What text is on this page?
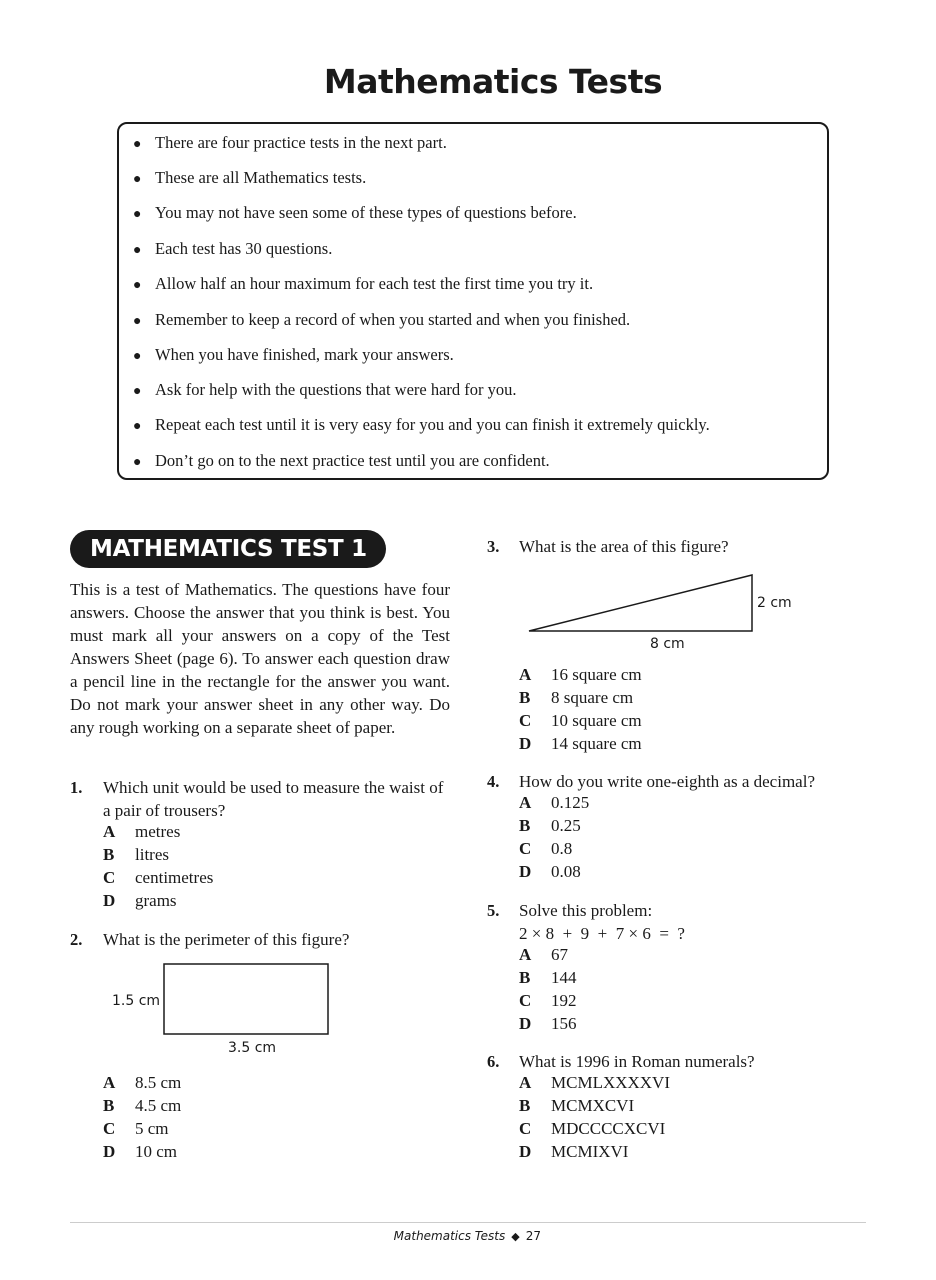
Mathematics Tests
● There are four practice tests in the next part.
● These are all Mathematics tests.
● You may not have seen some of these types of questions before.
● Each test has 30 questions.
● Allow half an hour maximum for each test the first time you try it.
● Remember to keep a record of when you started and when you finished.
● When you have finished, mark your answers.
● Ask for help with the questions that were hard for you.
● Repeat each test until it is very easy for you and you can finish it extremely quickly.
● Don’t go on to the next practice test until you are confident.
MATHEMATICS TEST 1
This is a test of Mathematics. The questions have four answers. Choose the answer that you think is best. You must mark all your answers on a copy of the Test Answers Sheet (page 6). To answer each question draw a pencil line in the rectangle for the answer you want. Do not mark your answer sheet in any other way. Do any rough working on a separate sheet of paper.
1. Which unit would be used to measure the waist of a pair of trousers?
A metres
B litres
C centimetres
D grams
2. What is the perimeter of this figure?
1.5 cm
3.5 cm
A 8.5 cm
B 4.5 cm
C 5 cm
D 10 cm
3. What is the area of this figure?
2 cm
8 cm
A 16 square cm
B 8 square cm
C 10 square cm
D 14 square cm
4. How do you write one-eighth as a decimal?
A 0.125
B 0.25
C 0.8
D 0.08
5. Solve this problem:
2 × 8  +  9  +  7 × 6  =  ?
A 67
B 144
C 192
D 156
6. What is 1996 in Roman numerals?
A MCMLXXXXVI
B MCMXCVI
C MDCCCCXCVI
D MCMIXVI
Mathematics Tests ◆ 27
